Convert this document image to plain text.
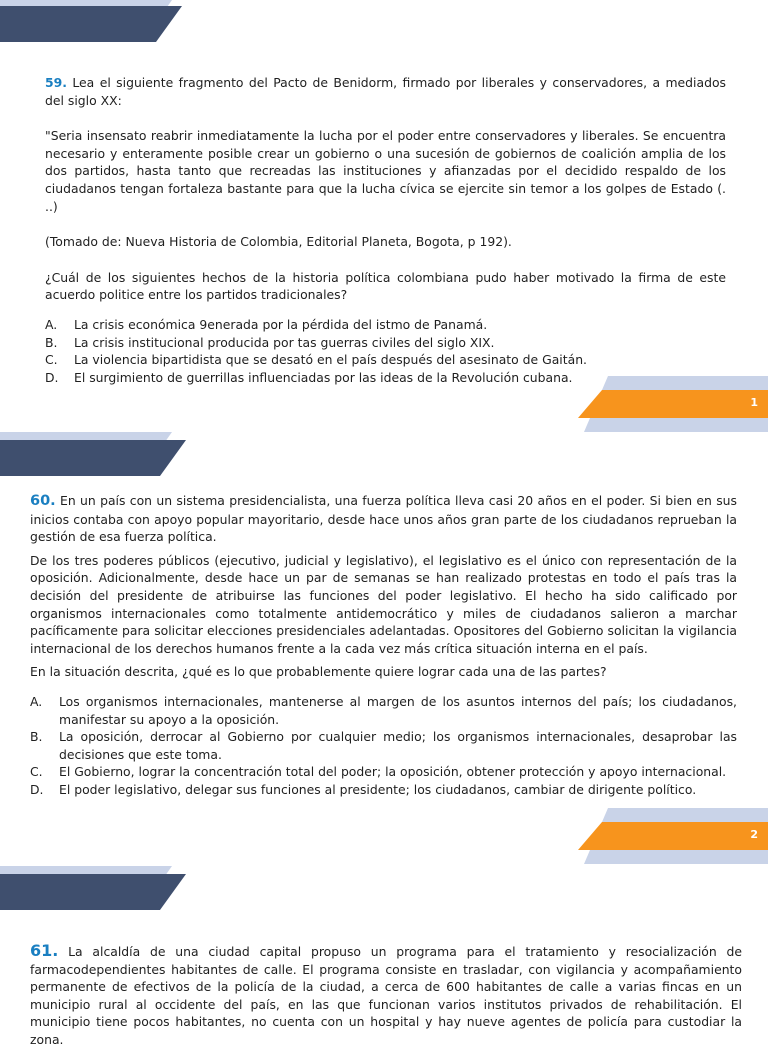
59. Lea el siguiente fragmento del Pacto de Benidorm, firmado por liberales y conservadores, a mediados del siglo XX:

"Seria insensato reabrir inmediatamente la lucha por el poder entre conservadores y liberales. Se encuentra necesario y enteramente posible crear un gobierno o una sucesión de gobiernos de coalición amplia de los dos partidos, hasta tanto que recreadas las instituciones y afianzadas por el decidido respaldo de los ciudadanos tengan fortaleza bastante para que la lucha cívica se ejercite sin temor a los golpes de Estado (. ..)

(Tomado de: Nueva Historia de Colombia, Editorial Planeta, Bogota, p 192).

¿Cuál de los siguientes hechos de la historia política colombiana pudo haber motivado la firma de este acuerdo politice entre los partidos tradicionales?

A.	La crisis económica 9enerada por la pérdida del istmo de Panamá.
B.	La crisis institucional producida por tas guerras civiles del siglo XIX.
C.	La violencia bipartidista que se desató en el país después del asesinato de Gaitán.
D.	El surgimiento de guerrillas influenciadas por las ideas de la Revolución cubana.
1

60. En un país con un sistema presidencialista, una fuerza política lleva casi 20 años en el poder. Si bien en sus inicios contaba con apoyo popular mayoritario, desde hace unos años gran parte de los ciudadanos reprueban la gestión de esa fuerza política.

De los tres poderes públicos (ejecutivo, judicial y legislativo), el legislativo es el único con representación de la oposición. Adicionalmente, desde hace un par de semanas se han realizado protestas en todo el país tras la decisión del presidente de atribuirse las funciones del poder legislativo. El hecho ha sido calificado por organismos internacionales como totalmente antidemocrático y miles de ciudadanos salieron a marchar pacíficamente para solicitar elecciones presidenciales adelantadas. Opositores del Gobierno solicitan la vigilancia internacional de los derechos humanos frente a la cada vez más crítica situación interna en el país.

En la situación descrita, ¿qué es lo que probablemente quiere lograr cada una de las partes?

A.	Los organismos internacionales, mantenerse al margen de los asuntos internos del país; los ciudadanos, manifestar su apoyo a la oposición.
B.	La oposición, derrocar al Gobierno por cualquier medio; los organismos internacionales, desaprobar las decisiones que este toma.
C.	El Gobierno, lograr la concentración total del poder; la oposición, obtener protección y apoyo internacional.
D.	El poder legislativo, delegar sus funciones al presidente; los ciudadanos, cambiar de dirigente político.
2

61. La alcaldía de una ciudad capital propuso un programa para el tratamiento y resocialización de farmacodependientes habitantes de calle. El programa consiste en trasladar, con vigilancia y acompañamiento permanente de efectivos de la policía de la ciudad, a cerca de 600 habitantes de calle a varias fincas en un municipio rural al occidente del país, en las que funcionan varios institutos privados de rehabilitación. El municipio tiene pocos habitantes, no cuenta con un hospital y hay nueve agentes de policía para custodiar la zona.
